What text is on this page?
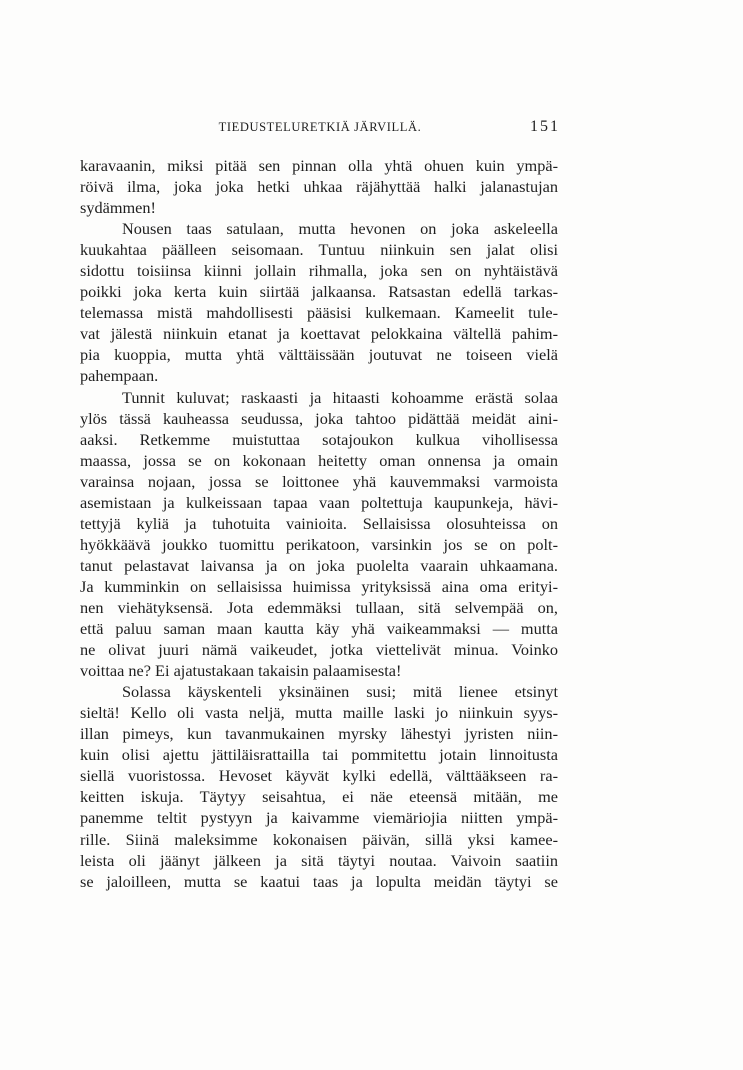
TIEDUSTELURETKIÄ JÄRVILLÄ.	151
karavaanin, miksi pitää sen pinnan olla yhtä ohuen kuin ympä-
röivä ilma, joka joka hetki uhkaa räjähyttää halki jalanastujan
sydämmen!
Nousen taas satulaan, mutta hevonen on joka askeleella
kuukahtaa päälleen seisomaan. Tuntuu niinkuin sen jalat olisi
sidottu toisiinsa kiinni jollain rihmalla, joka sen on nyhtäistävä
poikki joka kerta kuin siirtää jalkaansa. Ratsastan edellä tarkas-
telemassa mistä mahdollisesti pääsisi kulkemaan. Kameelit tule-
vat jälestä niinkuin etanat ja koettavat pelokkaina vältellä pahim-
pia kuoppia, mutta yhtä välttäissään joutuvat ne toiseen vielä
pahempaan.
Tunnit kuluvat; raskaasti ja hitaasti kohoamme erästä solaa
ylös tässä kauheassa seudussa, joka tahtoo pidättää meidät aini-
aaksi. Retkemme muistuttaa sotajoukon kulkua vihollisessa
maassa, jossa se on kokonaan heitetty oman onnensa ja omain
varainsa nojaan, jossa se loittonee yhä kauvemmaksi varmoista
asemistaan ja kulkeissaan tapaa vaan poltettuja kaupunkeja, hävi-
tettyjä kyliä ja tuhotuita vainioita. Sellaisissa olosuhteissa on
hyökkäävä joukko tuomittu perikatoon, varsinkin jos se on polt-
tanut pelastavat laivansa ja on joka puolelta vaarain uhkaamana.
Ja kumminkin on sellaisissa huimissa yrityksissä aina oma erityi-
nen viehätyksensä. Jota edemmäksi tullaan, sitä selvempää on,
että paluu saman maan kautta käy yhä vaikeammaksi — mutta
ne olivat juuri nämä vaikeudet, jotka viettelivät minua. Voinko
voittaa ne? Ei ajatustakaan takaisin palaamisesta!
Solassa käyskenteli yksinäinen susi; mitä lienee etsinyt
sieltä! Kello oli vasta neljä, mutta maille laski jo niinkuin syys-
illan pimeys, kun tavanmukainen myrsky lähestyi jyristen niin-
kuin olisi ajettu jättiläisrattailla tai pommitettu jotain linnoitusta
siellä vuoristossa. Hevoset käyvät kylki edellä, välttääkseen ra-
keitten iskuja. Täytyy seisahtua, ei näe eteensä mitään, me
panemme teltit pystyyn ja kaivamme viemäriojia niitten ympä-
rille. Siinä maleksimme kokonaisen päivän, sillä yksi kamee-
leista oli jäänyt jälkeen ja sitä täytyi noutaa. Vaivoin saatiin
se jaloilleen, mutta se kaatui taas ja lopulta meidän täytyi se
